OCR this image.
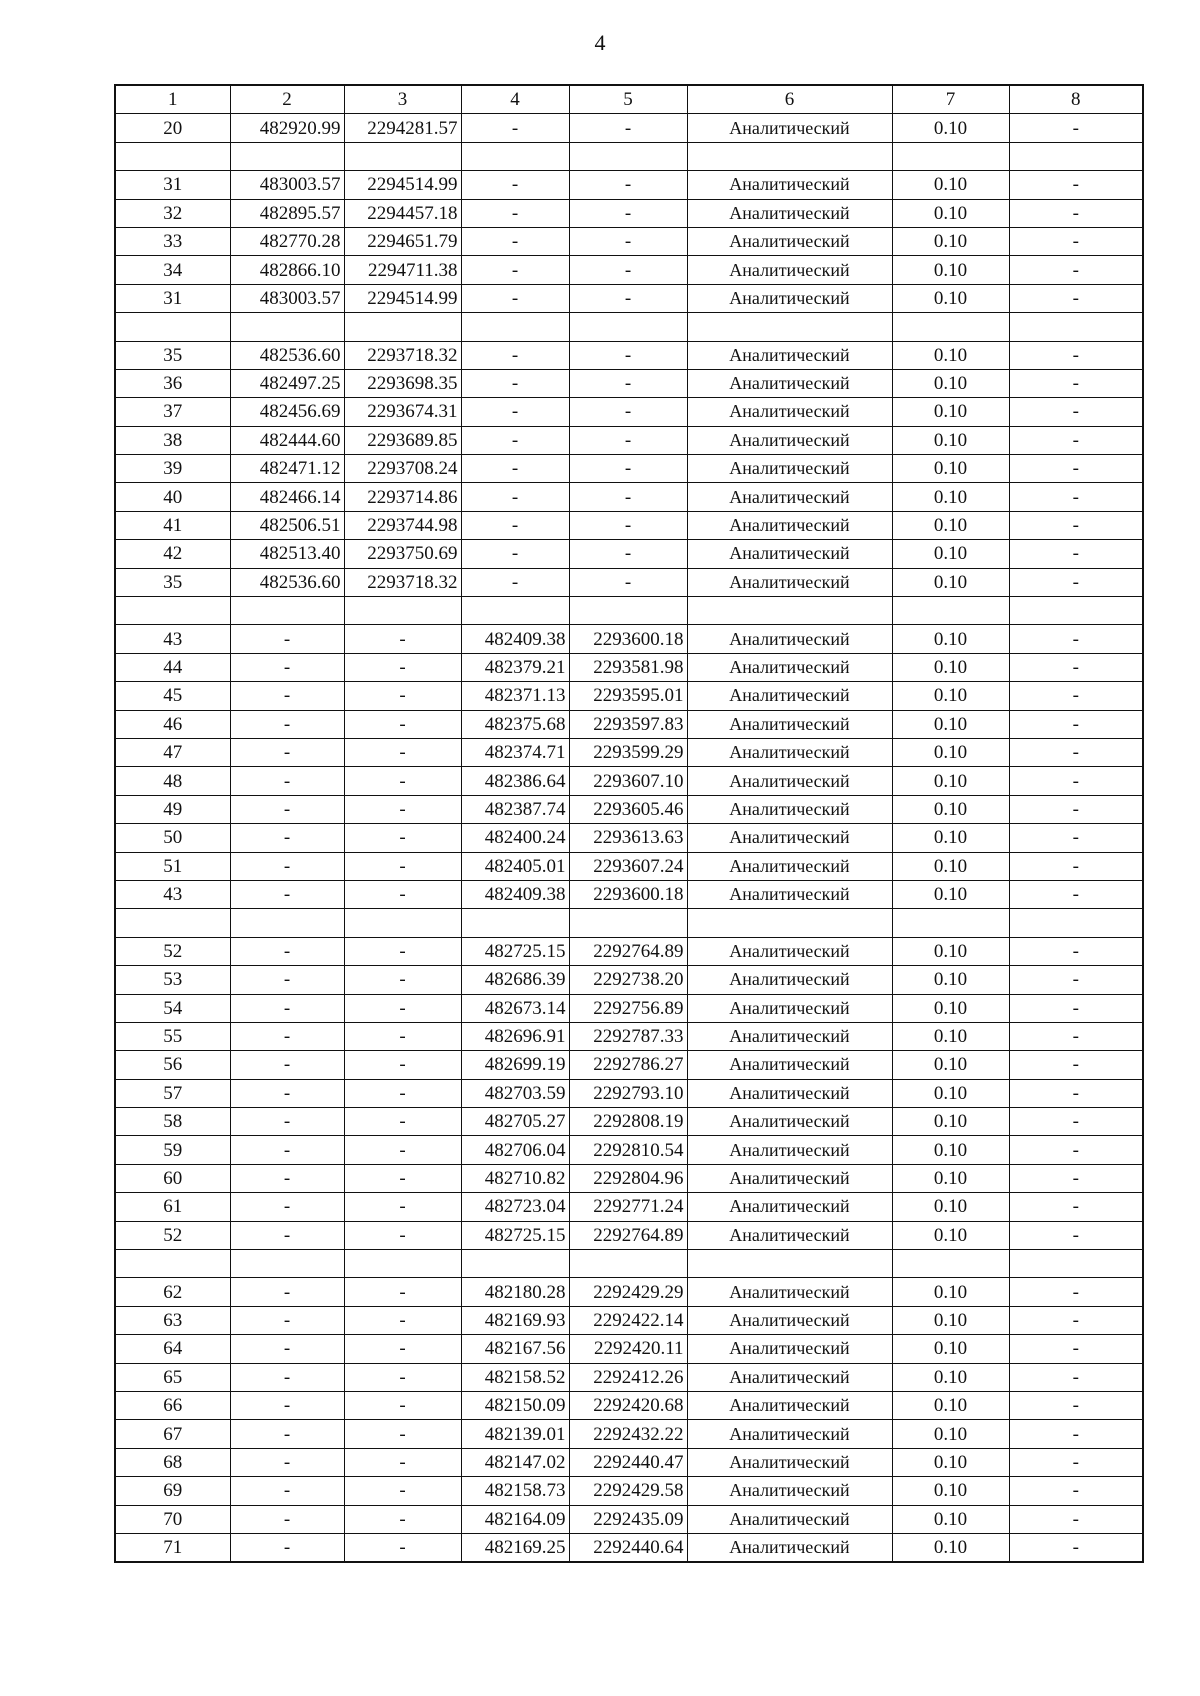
4
1	2	3	4	5	6	7	8
20	482920.99	2294281.57	-	-	Аналитический	0.10	-

31	483003.57	2294514.99	-	-	Аналитический	0.10	-
32	482895.57	2294457.18	-	-	Аналитический	0.10	-
33	482770.28	2294651.79	-	-	Аналитический	0.10	-
34	482866.10	2294711.38	-	-	Аналитический	0.10	-
31	483003.57	2294514.99	-	-	Аналитический	0.10	-

35	482536.60	2293718.32	-	-	Аналитический	0.10	-
36	482497.25	2293698.35	-	-	Аналитический	0.10	-
37	482456.69	2293674.31	-	-	Аналитический	0.10	-
38	482444.60	2293689.85	-	-	Аналитический	0.10	-
39	482471.12	2293708.24	-	-	Аналитический	0.10	-
40	482466.14	2293714.86	-	-	Аналитический	0.10	-
41	482506.51	2293744.98	-	-	Аналитический	0.10	-
42	482513.40	2293750.69	-	-	Аналитический	0.10	-
35	482536.60	2293718.32	-	-	Аналитический	0.10	-

43	-	-	482409.38	2293600.18	Аналитический	0.10	-
44	-	-	482379.21	2293581.98	Аналитический	0.10	-
45	-	-	482371.13	2293595.01	Аналитический	0.10	-
46	-	-	482375.68	2293597.83	Аналитический	0.10	-
47	-	-	482374.71	2293599.29	Аналитический	0.10	-
48	-	-	482386.64	2293607.10	Аналитический	0.10	-
49	-	-	482387.74	2293605.46	Аналитический	0.10	-
50	-	-	482400.24	2293613.63	Аналитический	0.10	-
51	-	-	482405.01	2293607.24	Аналитический	0.10	-
43	-	-	482409.38	2293600.18	Аналитический	0.10	-

52	-	-	482725.15	2292764.89	Аналитический	0.10	-
53	-	-	482686.39	2292738.20	Аналитический	0.10	-
54	-	-	482673.14	2292756.89	Аналитический	0.10	-
55	-	-	482696.91	2292787.33	Аналитический	0.10	-
56	-	-	482699.19	2292786.27	Аналитический	0.10	-
57	-	-	482703.59	2292793.10	Аналитический	0.10	-
58	-	-	482705.27	2292808.19	Аналитический	0.10	-
59	-	-	482706.04	2292810.54	Аналитический	0.10	-
60	-	-	482710.82	2292804.96	Аналитический	0.10	-
61	-	-	482723.04	2292771.24	Аналитический	0.10	-
52	-	-	482725.15	2292764.89	Аналитический	0.10	-

62	-	-	482180.28	2292429.29	Аналитический	0.10	-
63	-	-	482169.93	2292422.14	Аналитический	0.10	-
64	-	-	482167.56	2292420.11	Аналитический	0.10	-
65	-	-	482158.52	2292412.26	Аналитический	0.10	-
66	-	-	482150.09	2292420.68	Аналитический	0.10	-
67	-	-	482139.01	2292432.22	Аналитический	0.10	-
68	-	-	482147.02	2292440.47	Аналитический	0.10	-
69	-	-	482158.73	2292429.58	Аналитический	0.10	-
70	-	-	482164.09	2292435.09	Аналитический	0.10	-
71	-	-	482169.25	2292440.64	Аналитический	0.10	-
